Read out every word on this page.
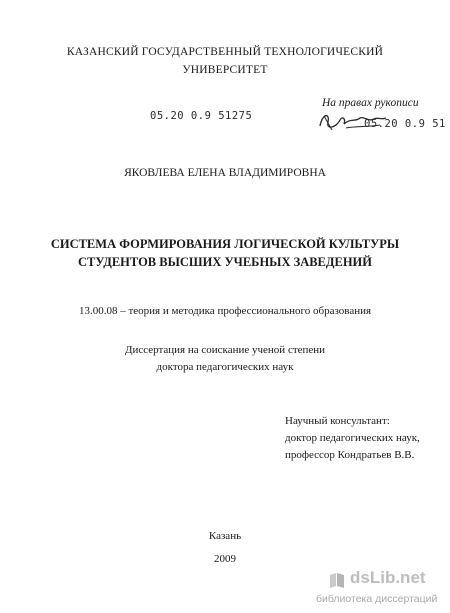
КАЗАНСКИЙ ГОСУДАРСТВЕННЫЙ ТЕХНОЛОГИЧЕСКИЙ
УНИВЕРСИТЕТ
05.20 0.9 51275
На правах рукописи
05.20 0.9 51
ЯКОВЛЕВА ЕЛЕНА ВЛАДИМИРОВНА
СИСТЕМА ФОРМИРОВАНИЯ ЛОГИЧЕСКОЙ КУЛЬТУРЫ
СТУДЕНТОВ ВЫСШИХ УЧЕБНЫХ ЗАВЕДЕНИЙ
13.00.08 – теория и методика профессионального образования
Диссертация на соискание ученой степени
доктора педагогических наук
Научный консультант:
доктор педагогических наук,
профессор Кондратьев В.В.
Казань
2009
dsLib.net
библиотека диссертаций
